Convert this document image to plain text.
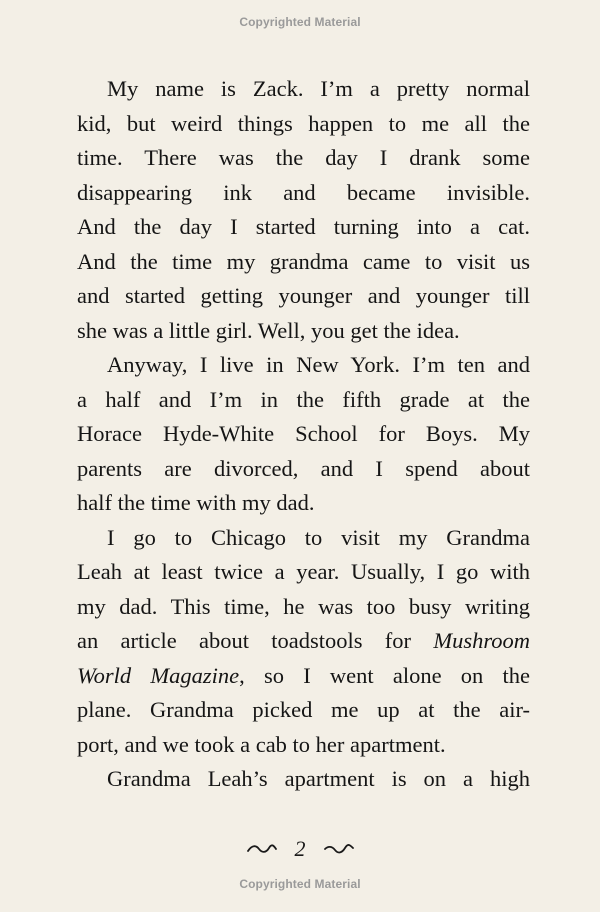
Copyrighted Material
My name is Zack. I’m a pretty normal
kid, but weird things happen to me all the
time. There was the day I drank some
disappearing ink and became invisible.
And the day I started turning into a cat.
And the time my grandma came to visit us
and started getting younger and younger till
she was a little girl. Well, you get the idea.
Anyway, I live in New York. I’m ten and
a half and I’m in the fifth grade at the
Horace Hyde-White School for Boys. My
parents are divorced, and I spend about
half the time with my dad.
I go to Chicago to visit my Grandma
Leah at least twice a year. Usually, I go with
my dad. This time, he was too busy writing
an article about toadstools for Mushroom
World Magazine, so I went alone on the
plane. Grandma picked me up at the air-
port, and we took a cab to her apartment.
Grandma Leah’s apartment is on a high
2
Copyrighted Material
